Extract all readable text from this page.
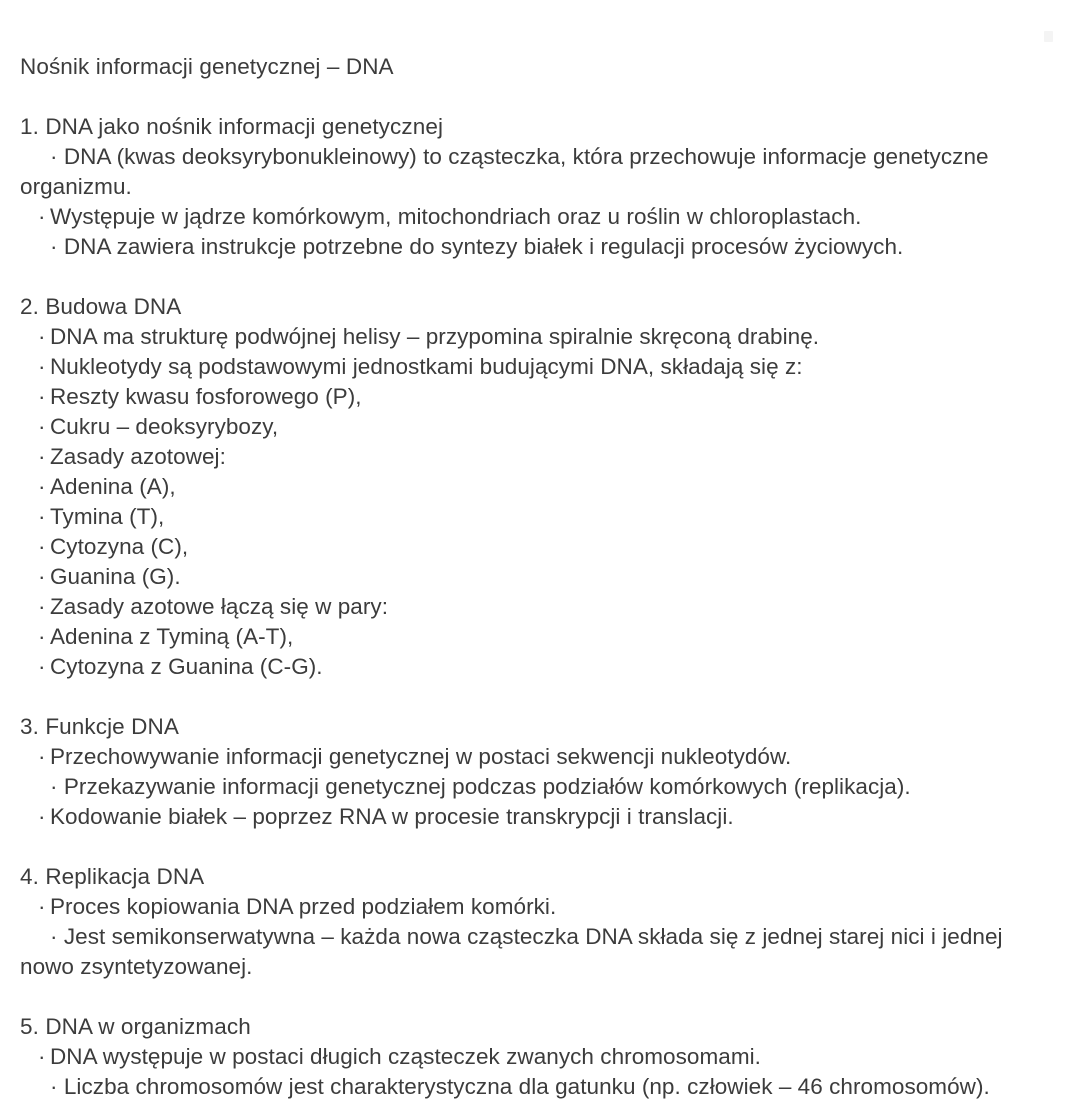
Nośnik informacji genetycznej – DNA
1. DNA jako nośnik informacji genetycznej
· DNA (kwas deoksyrybonukleinowy) to cząsteczka, która przechowuje informacje genetyczne organizmu.
· Występuje w jądrze komórkowym, mitochondriach oraz u roślin w chloroplastach.
· DNA zawiera instrukcje potrzebne do syntezy białek i regulacji procesów życiowych.
2. Budowa DNA
· DNA ma strukturę podwójnej helisy – przypomina spiralnie skręconą drabinę.
· Nukleotydy są podstawowymi jednostkami budującymi DNA, składają się z:
· Reszty kwasu fosforowego (P),
· Cukru – deoksyrybozy,
· Zasady azotowej:
· Adenina (A),
· Tymina (T),
· Cytozyna (C),
· Guanina (G).
· Zasady azotowe łączą się w pary:
· Adenina z Tyminą (A-T),
· Cytozyna z Guanina (C-G).
3. Funkcje DNA
· Przechowywanie informacji genetycznej w postaci sekwencji nukleotydów.
· Przekazywanie informacji genetycznej podczas podziałów komórkowych (replikacja).
· Kodowanie białek – poprzez RNA w procesie transkrypcji i translacji.
4. Replikacja DNA
· Proces kopiowania DNA przed podziałem komórki.
· Jest semikonserwatywna – każda nowa cząsteczka DNA składa się z jednej starej nici i jednej nowo zsyntetyzowanej.
5. DNA w organizmach
· DNA występuje w postaci długich cząsteczek zwanych chromosomami.
· Liczba chromosomów jest charakterystyczna dla gatunku (np. człowiek – 46 chromosomów).
